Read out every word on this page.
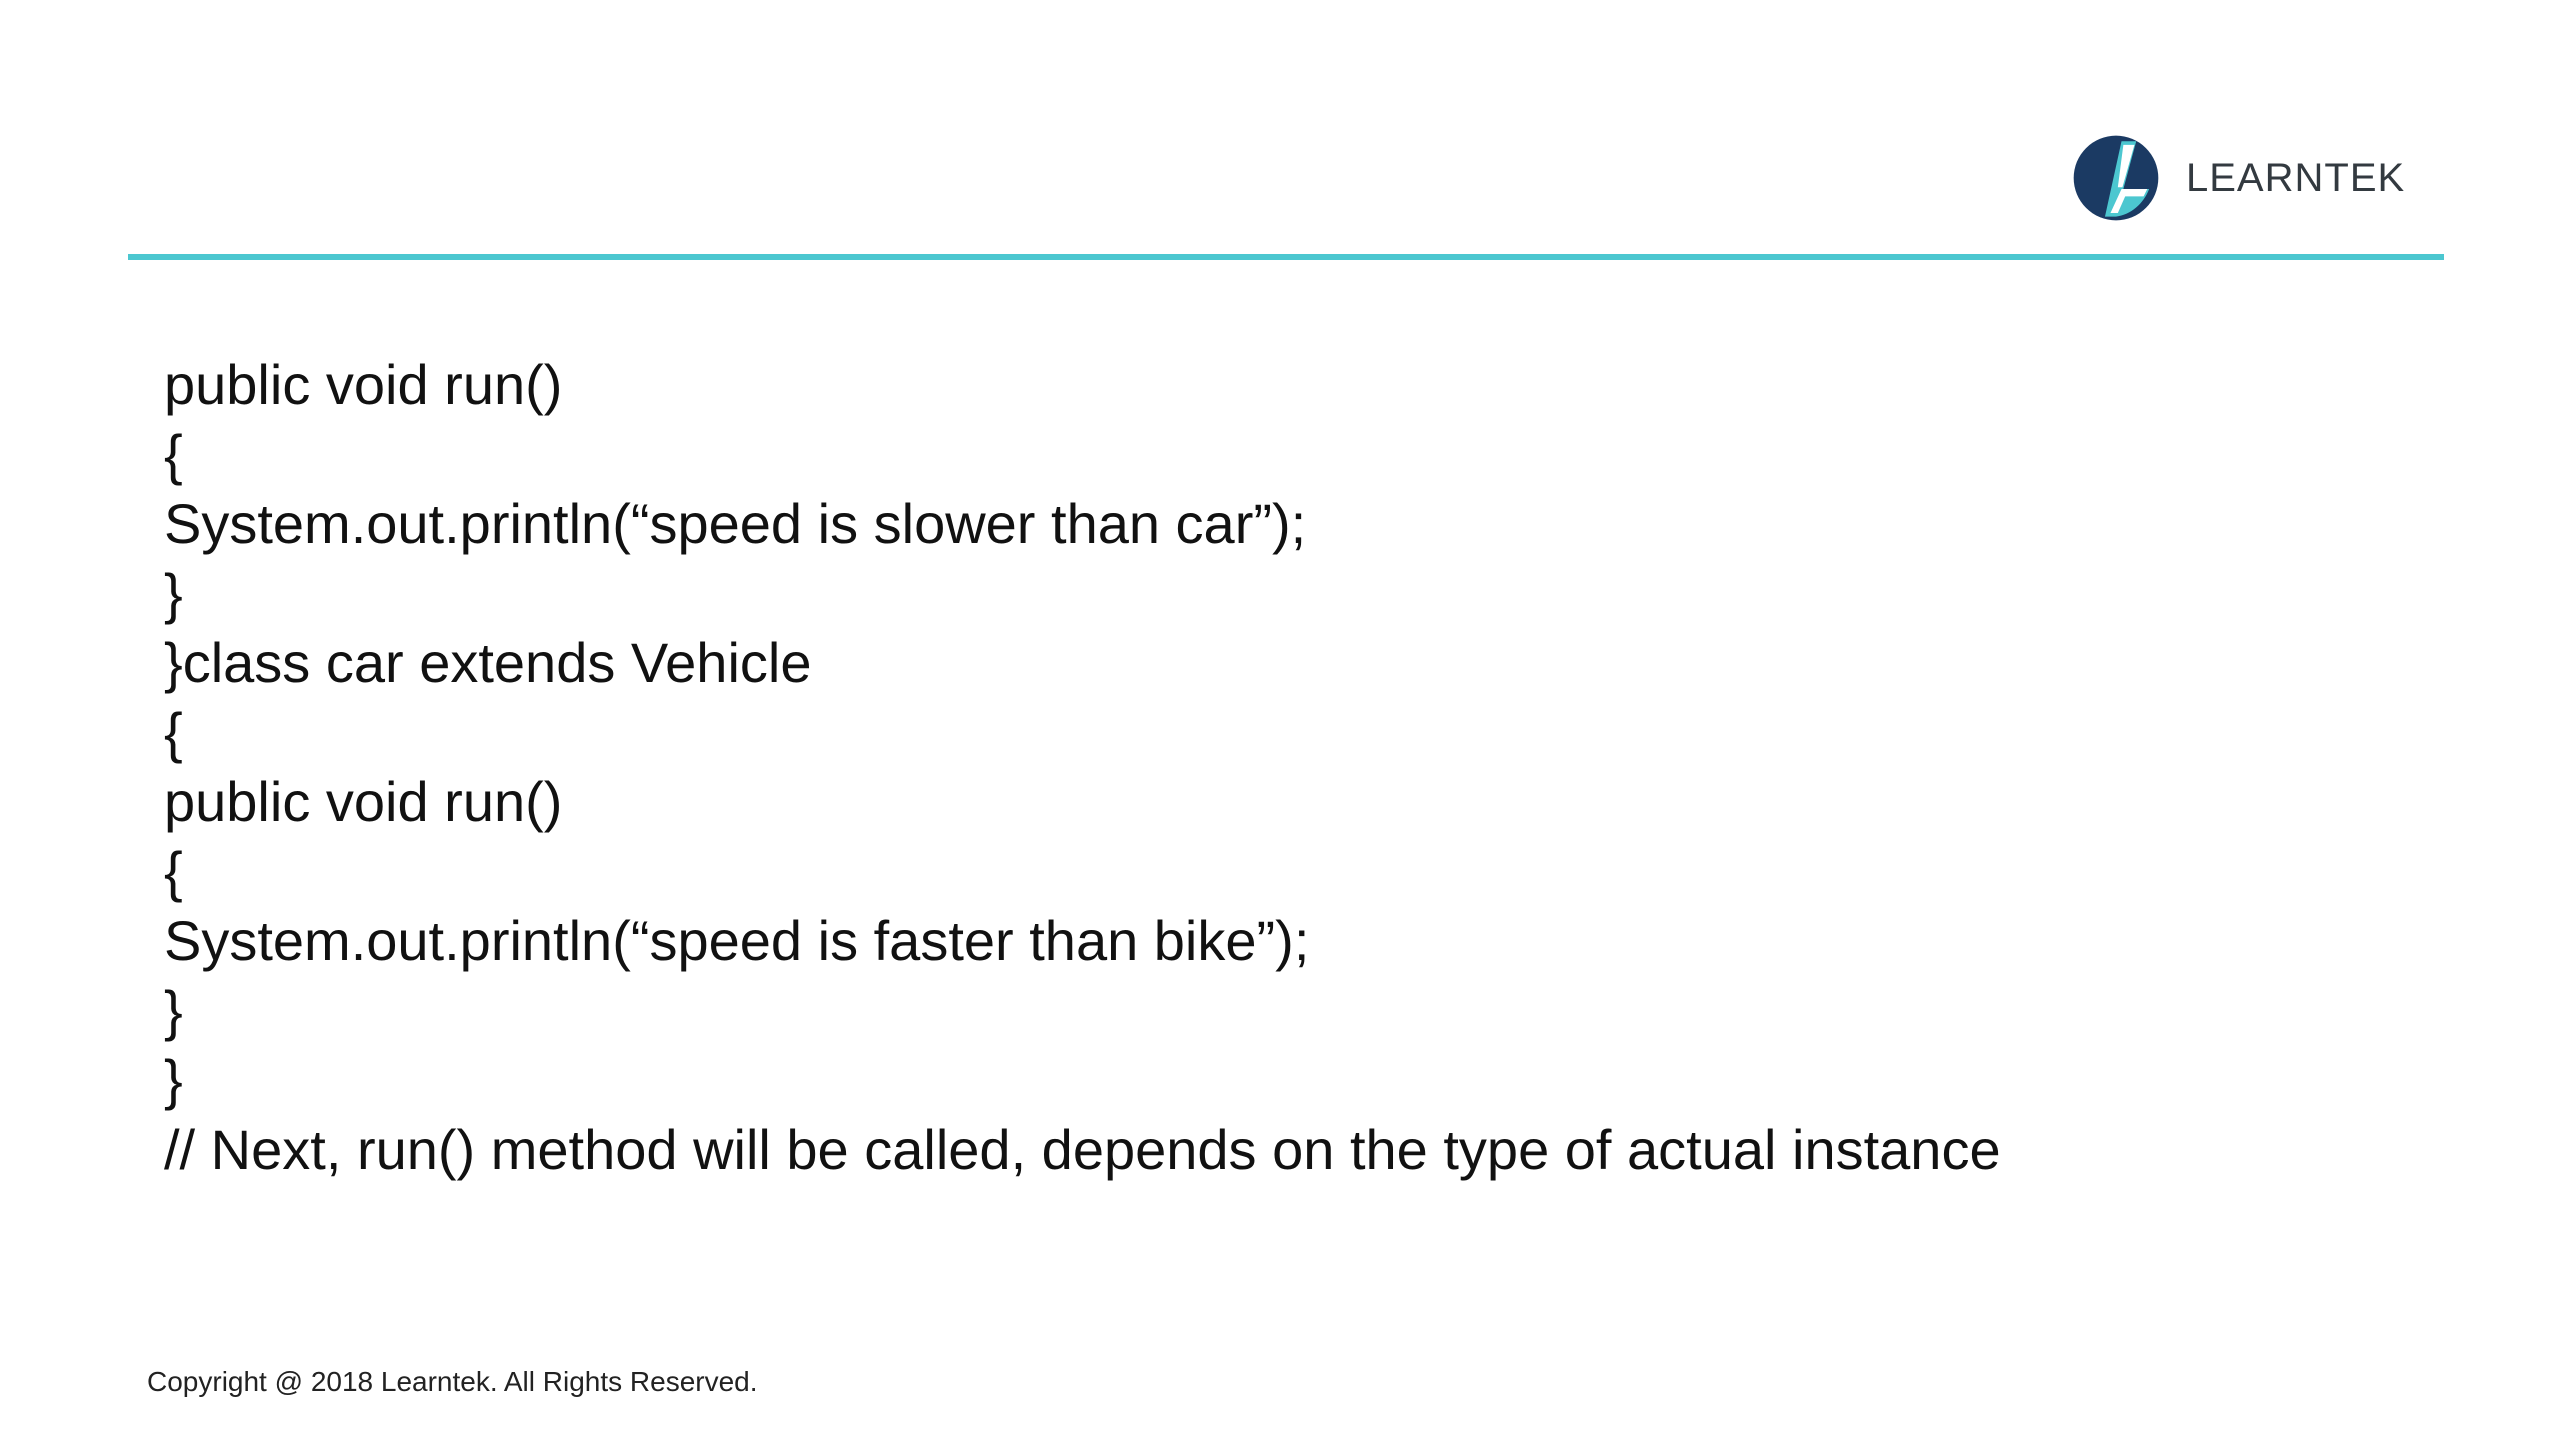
LEARNTEK
public void run()
{
System.out.println(“speed is slower than car”);
}
}class car extends Vehicle
{
public void run()
{
System.out.println(“speed is faster than bike”);
}
}
// Next, run() method will be called, depends on the type of actual instance
Copyright @ 2018 Learntek. All Rights Reserved.
